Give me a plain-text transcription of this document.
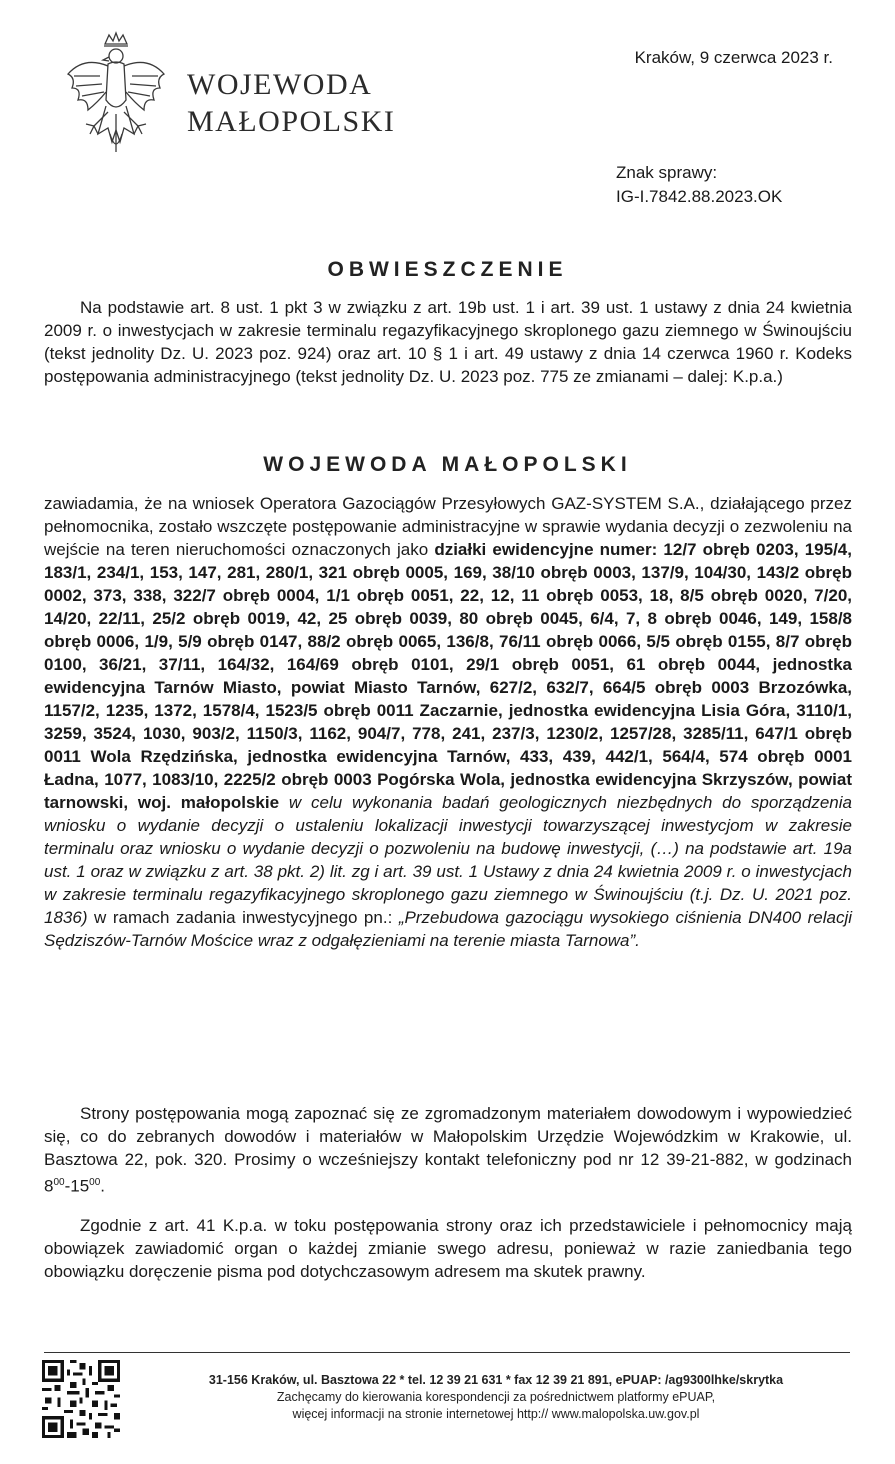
WOJEWODA
MAŁOPOLSKI
Kraków, 9 czerwca 2023 r.
Znak sprawy:
IG-I.7842.88.2023.OK
OBWIESZCZENIE
Na podstawie art. 8 ust. 1 pkt 3 w związku z art. 19b ust. 1 i art. 39 ust. 1 ustawy z dnia 24 kwietnia 2009 r. o inwestycjach w zakresie terminalu regazyfikacyjnego skroplonego gazu ziemnego w Świnoujściu (tekst jednolity Dz. U. 2023 poz. 924) oraz art. 10 § 1 i art. 49 ustawy z dnia 14 czerwca 1960 r. Kodeks postępowania administracyjnego (tekst jednolity Dz. U. 2023 poz. 775 ze zmianami – dalej: K.p.a.)
WOJEWODA MAŁOPOLSKI
zawiadamia, że na wniosek Operatora Gazociągów Przesyłowych GAZ-SYSTEM S.A., działającego przez pełnomocnika, zostało wszczęte postępowanie administracyjne w sprawie wydania decyzji o zezwoleniu na wejście na teren nieruchomości oznaczonych jako działki ewidencyjne numer: 12/7 obręb 0203, 195/4, 183/1, 234/1, 153, 147, 281, 280/1, 321 obręb 0005, 169, 38/10 obręb 0003, 137/9, 104/30, 143/2 obręb 0002, 373, 338, 322/7 obręb 0004, 1/1 obręb 0051, 22, 12, 11 obręb 0053, 18, 8/5 obręb 0020, 7/20, 14/20, 22/11, 25/2 obręb 0019, 42, 25 obręb 0039, 80 obręb 0045, 6/4, 7, 8 obręb 0046, 149, 158/8 obręb 0006, 1/9, 5/9 obręb 0147, 88/2 obręb 0065, 136/8, 76/11 obręb 0066, 5/5 obręb 0155, 8/7 obręb 0100, 36/21, 37/11, 164/32, 164/69 obręb 0101, 29/1 obręb 0051, 61 obręb 0044, jednostka ewidencyjna Tarnów Miasto, powiat Miasto Tarnów, 627/2, 632/7, 664/5 obręb 0003 Brzozówka, 1157/2, 1235, 1372, 1578/4, 1523/5 obręb 0011 Zaczarnie, jednostka ewidencyjna Lisia Góra, 3110/1, 3259, 3524, 1030, 903/2, 1150/3, 1162, 904/7, 778, 241, 237/3, 1230/2, 1257/28, 3285/11, 647/1 obręb 0011 Wola Rzędzińska, jednostka ewidencyjna Tarnów, 433, 439, 442/1, 564/4, 574 obręb 0001 Ładna, 1077, 1083/10, 2225/2 obręb 0003 Pogórska Wola, jednostka ewidencyjna Skrzyszów, powiat tarnowski, woj. małopolskie w celu wykonania badań geologicznych niezbędnych do sporządzenia wniosku o wydanie decyzji o ustaleniu lokalizacji inwestycji towarzyszącej inwestycjom w zakresie terminalu oraz wniosku o wydanie decyzji o pozwoleniu na budowę inwestycji, (…) na podstawie art. 19a ust. 1 oraz w związku z art. 38 pkt. 2) lit. zg i art. 39 ust. 1 Ustawy z dnia 24 kwietnia 2009 r. o inwestycjach w zakresie terminalu regazyfikacyjnego skroplonego gazu ziemnego w Świnoujściu (t.j. Dz. U. 2021 poz. 1836) w ramach zadania inwestycyjnego pn.: „Przebudowa gazociągu wysokiego ciśnienia DN400 relacji Sędziszów-Tarnów Mościce wraz z odgałęzieniami na terenie miasta Tarnowa”.
Strony postępowania mogą zapoznać się ze zgromadzonym materiałem dowodowym i wypowiedzieć się, co do zebranych dowodów i materiałów w Małopolskim Urzędzie Wojewódzkim w Krakowie, ul. Basztowa 22, pok. 320. Prosimy o wcześniejszy kontakt telefoniczny pod nr 12 39-21-882, w godzinach $8^{00}-15^{00}$.
Zgodnie z art. 41 K.p.a. w toku postępowania strony oraz ich przedstawiciele i pełnomocnicy mają obowiązek zawiadomić organ o każdej zmianie swego adresu, ponieważ w razie zaniedbania tego obowiązku doręczenie pisma pod dotychczasowym adresem ma skutek prawny.
31-156 Kraków, ul. Basztowa 22 * tel. 12 39 21 631 * fax 12 39 21 891, ePUAP: /ag9300lhke/skrytka
Zachęcamy do kierowania korespondencji za pośrednictwem platformy ePUAP,
więcej informacji na stronie internetowej http:// www.malopolska.uw.gov.pl
